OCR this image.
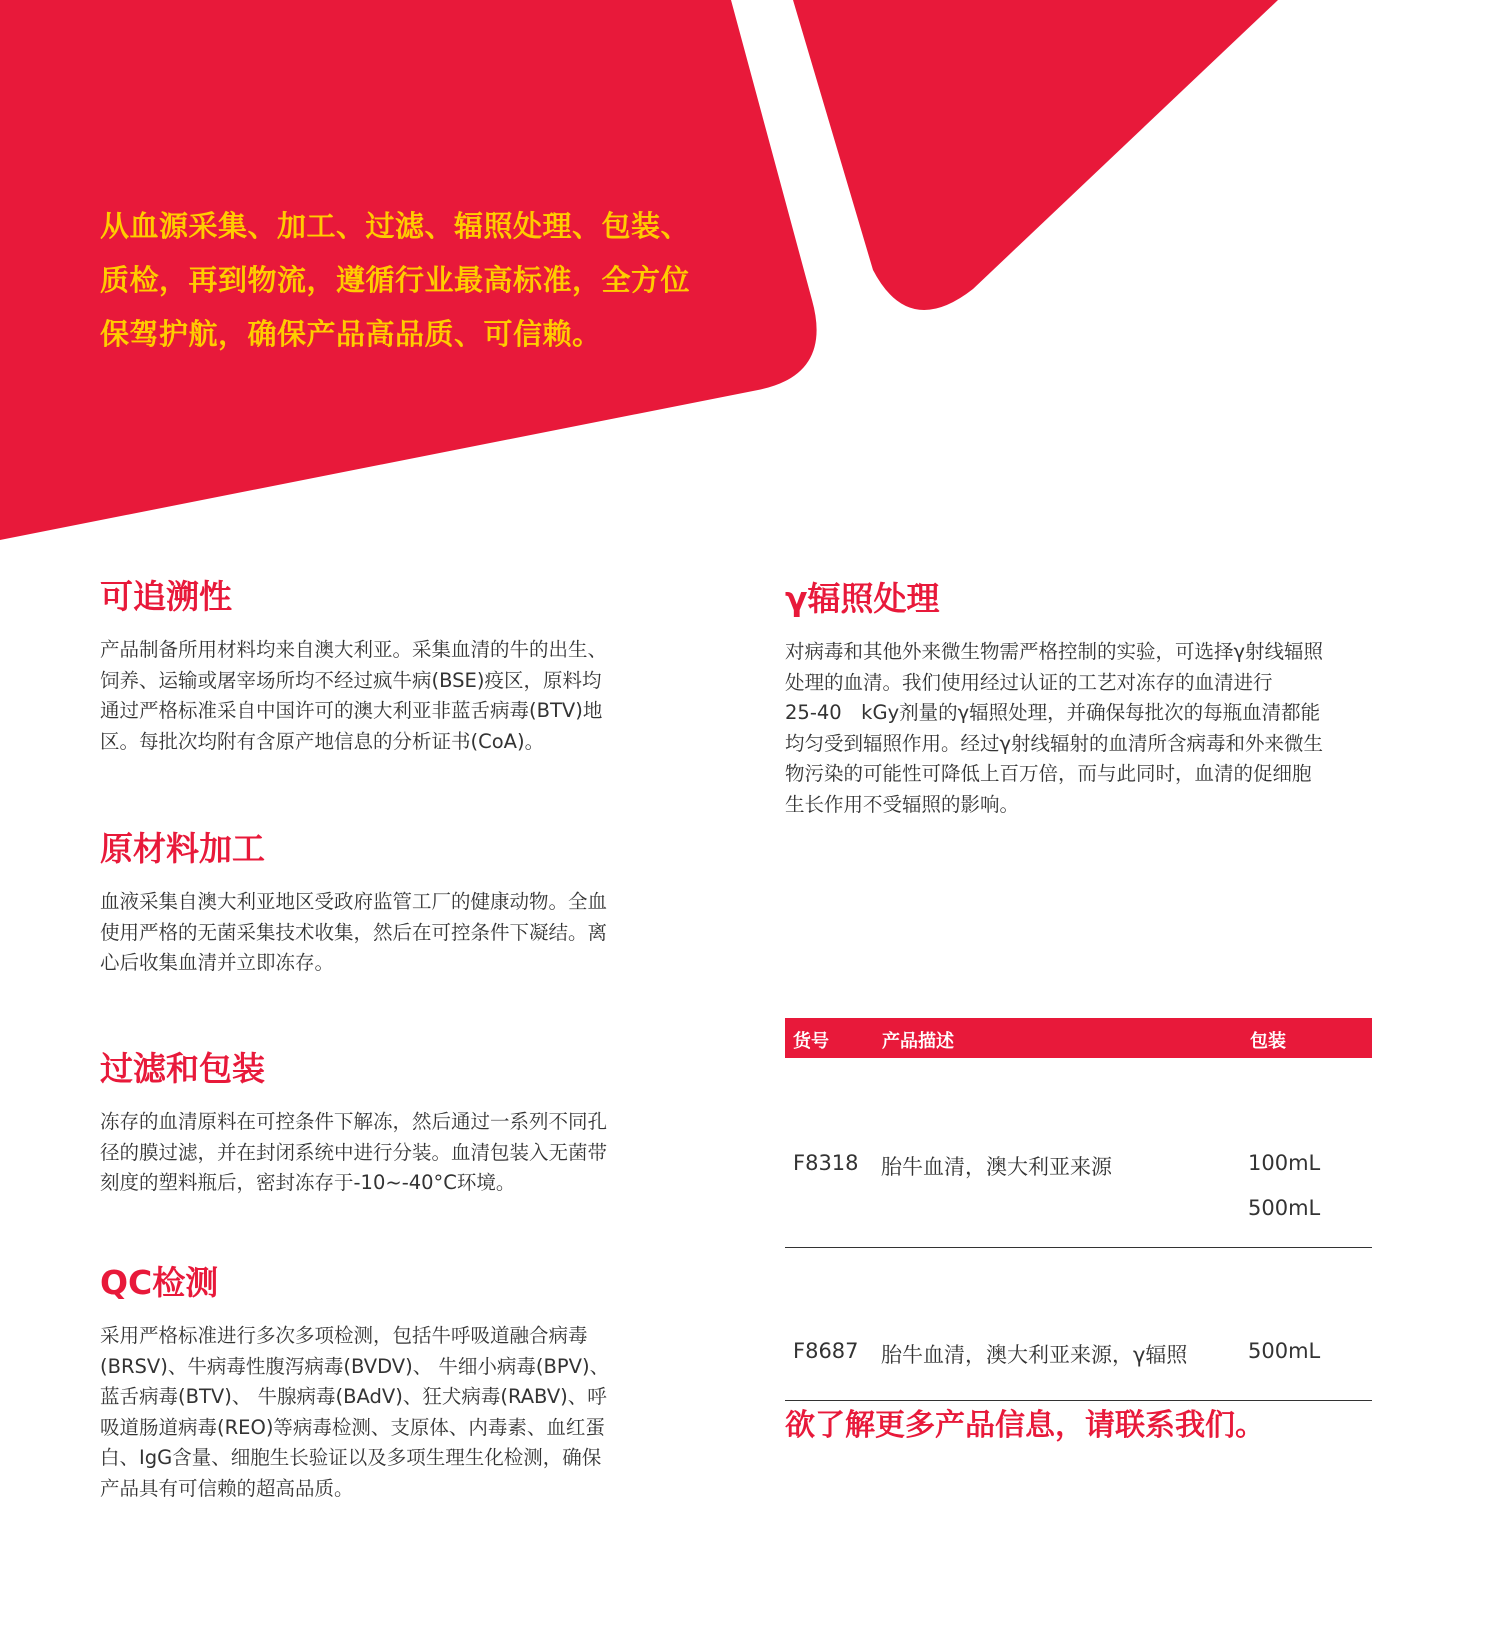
从血源采集、加工、过滤、辐照处理、包装、
质检，再到物流，遵循行业最高标准，全方位
保驾护航，确保产品高品质、可信赖。
可追溯性
产品制备所用材料均来自澳大利亚。采集血清的牛的出生、
饲养、运输或屠宰场所均不经过疯牛病(BSE)疫区，原料均
通过严格标准采自中国许可的澳大利亚非蓝舌病毒(BTV)地
区。每批次均附有含原产地信息的分析证书(CoA)。
原材料加工
血液采集自澳大利亚地区受政府监管工厂的健康动物。全血
使用严格的无菌采集技术收集，然后在可控条件下凝结。离
心后收集血清并立即冻存。
过滤和包装
冻存的血清原料在可控条件下解冻，然后通过一系列不同孔
径的膜过滤，并在封闭系统中进行分装。血清包装入无菌带
刻度的塑料瓶后，密封冻存于-10~-40°C环境。
QC检测
采用严格标准进行多次多项检测，包括牛呼吸道融合病毒
(BRSV)、牛病毒性腹泻病毒(BVDV)、 牛细小病毒(BPV)、
蓝舌病毒(BTV)、 牛腺病毒(BAdV)、狂犬病毒(RABV)、呼
吸道肠道病毒(REO)等病毒检测、支原体、内毒素、血红蛋
白、IgG含量、细胞生长验证以及多项生理生化检测，确保
产品具有可信赖的超高品质。
γ辐照处理
对病毒和其他外来微生物需严格控制的实验，可选择γ射线辐照
处理的血清。我们使用经过认证的工艺对冻存的血清进行
25-40　kGy剂量的γ辐照处理，并确保每批次的每瓶血清都能
均匀受到辐照作用。经过γ射线辐射的血清所含病毒和外来微生
物污染的可能性可降低上百万倍，而与此同时，血清的促细胞
生长作用不受辐照的影响。
货号	产品描述	包装
F8318 胎牛血清，澳大利亚来源	100mL
500mL
F8687 胎牛血清，澳大利亚来源，γ辐照	500mL
欲了解更多产品信息，请联系我们。
